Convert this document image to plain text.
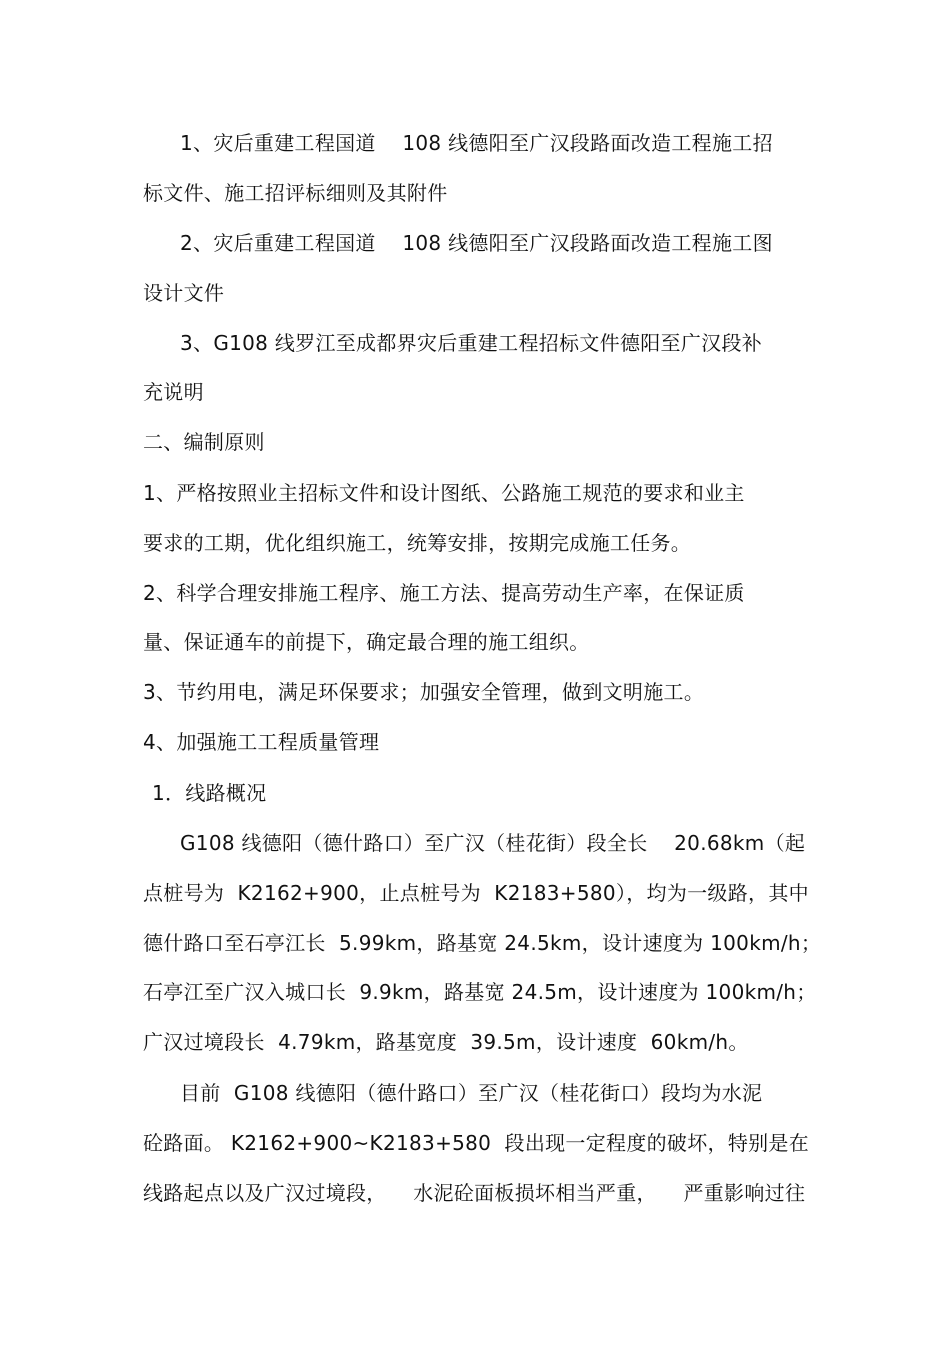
1、灾后重建工程国道    108 线德阳至广汉段路面改造工程施工招
标文件、施工招评标细则及其附件
2、灾后重建工程国道    108 线德阳至广汉段路面改造工程施工图
设计文件
3、G108 线罗江至成都界灾后重建工程招标文件德阳至广汉段补
充说明
二、编制原则
1、严格按照业主招标文件和设计图纸、公路施工规范的要求和业主
要求的工期，优化组织施工，统筹安排，按期完成施工任务。
2、科学合理安排施工程序、施工方法、提高劳动生产率，在保证质
量、保证通车的前提下，确定最合理的施工组织。
3、节约用电，满足环保要求；加强安全管理，做到文明施工。
4、加强施工工程质量管理
1．线路概况
G108 线德阳（德什路口）至广汉（桂花街）段全长    20.68km（起
点桩号为  K2162+900，止点桩号为  K2183+580），均为一级路，其中
德什路口至石亭江长  5.99km，路基宽 24.5km，设计速度为 100km/h；
石亭江至广汉入城口长  9.9km，路基宽 24.5m，设计速度为 100km/h；
广汉过境段长  4.79km，路基宽度  39.5m，设计速度  60km/h。
目前  G108 线德阳（德什路口）至广汉（桂花街口）段均为水泥
砼路面。 K2162+900~K2183+580  段出现一定程度的破坏，特别是在
线路起点以及广汉过境段，    水泥砼面板损坏相当严重，    严重影响过往
